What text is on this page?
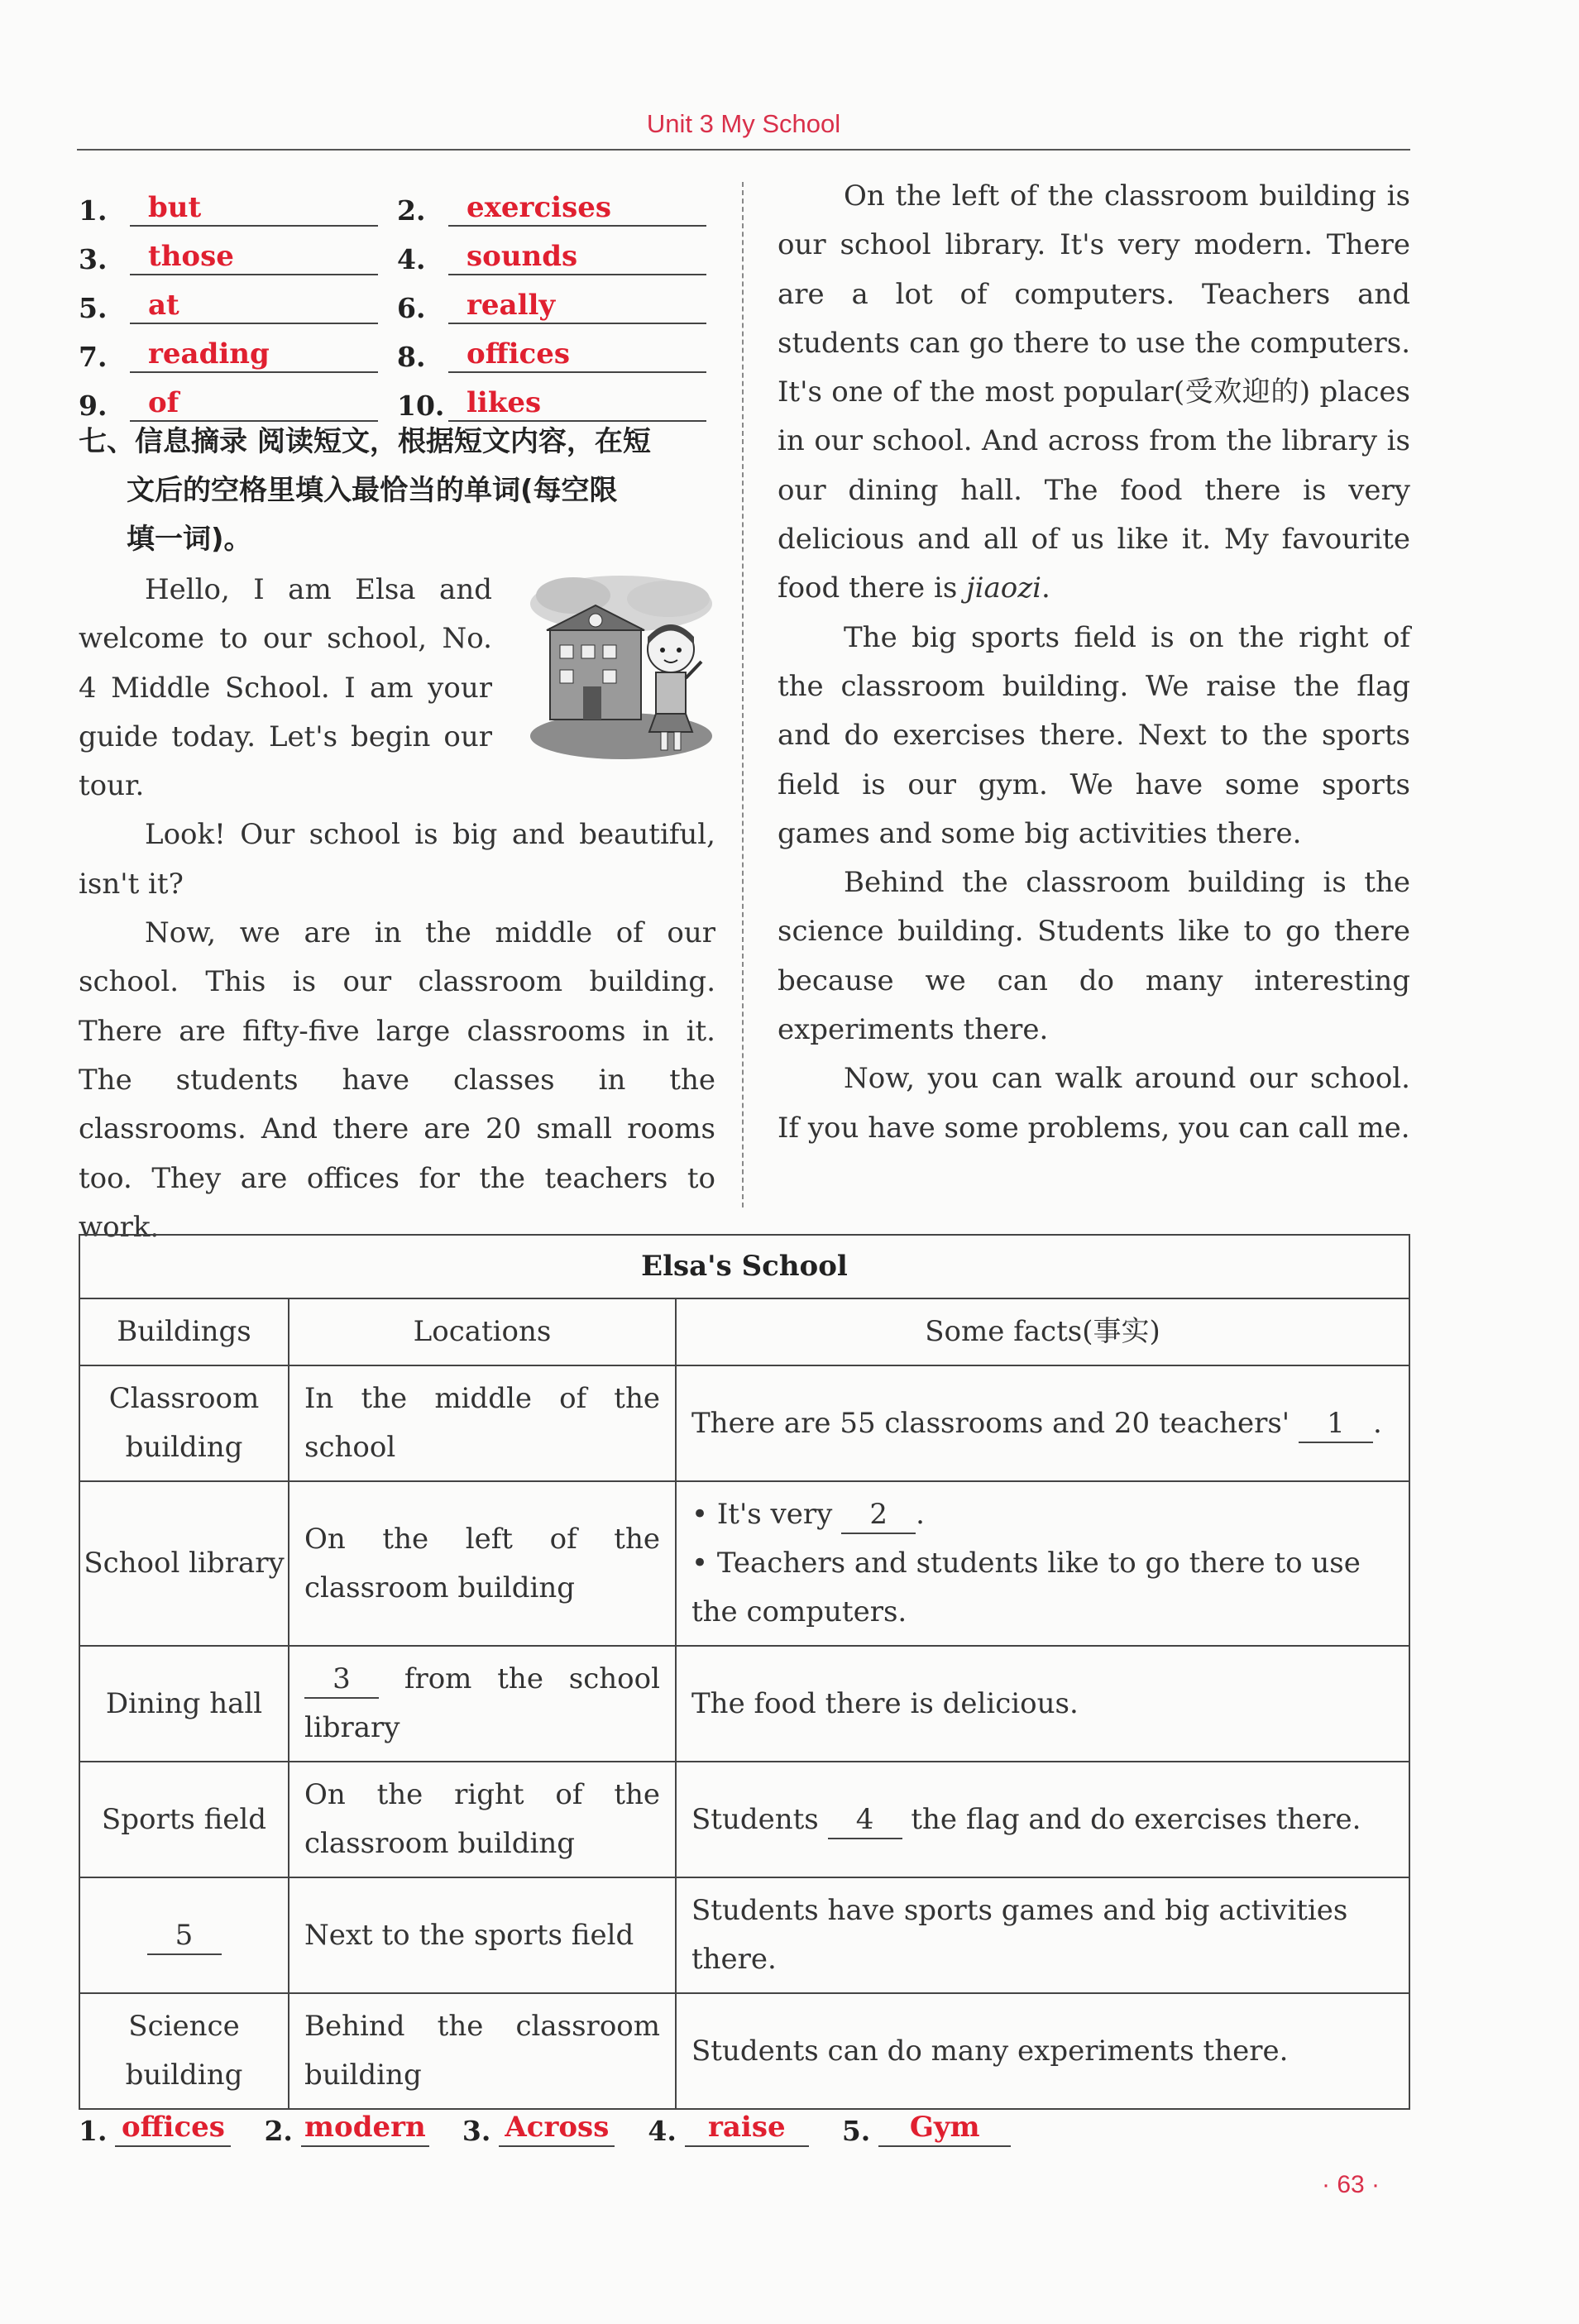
Unit 3 My School
1.	but	2.	exercises
3.	those	4.	sounds
5.	at	6.	really
7.	reading	8.	offices
9.	of	10. likes
七、信息摘录 阅读短文，根据短文内容，在短
文后的空格里填入最恰当的单词(每空限
填一词)。

Hello, I am Elsa and welcome to our school, No. 4 Middle School. I am your guide today. Let's begin our tour.

Look! Our school is big and beautiful, isn't it?

Now, we are in the middle of our school. This is our classroom building. There are fifty-five large classrooms in it. The students have classes in the classrooms. And there are 20 small rooms too. They are offices for the teachers to work.

On the left of the classroom building is our school library. It's very modern. There are a lot of computers. Teachers and students can go there to use the computers. It's one of the most popular(受欢迎的) places in our school. And across from the library is our dining hall. The food there is very delicious and all of us like it. My favourite food there is jiaozi.

The big sports field is on the right of the classroom building. We raise the flag and do exercises there. Next to the sports field is our gym. We have some sports games and some big activities there.

Behind the classroom building is the science building. Students like to go there because we can do many interesting experiments there.

Now, you can walk around our school. If you have some problems, you can call me.

Elsa's School		
Buildings	Locations	Some facts(事实)
Classroom building	In the middle of the school	There are 55 classrooms and 20 teachers' 1 .
School library	On the left of the classroom building	• It's very 2 .
• Teachers and students like to go there to use the computers.

Dining hall	3 from the school library	The food there is delicious.
Sports field	On the right of the classroom building	Students 4 the flag and do exercises there.
5	Next to the sports field	Students have sports games and big activities there.
Science building	Behind the classroom building	Students can do many experiments there.
1. offices 2. modern 3. Across 4.	raise	5.	Gym
· 63 ·
